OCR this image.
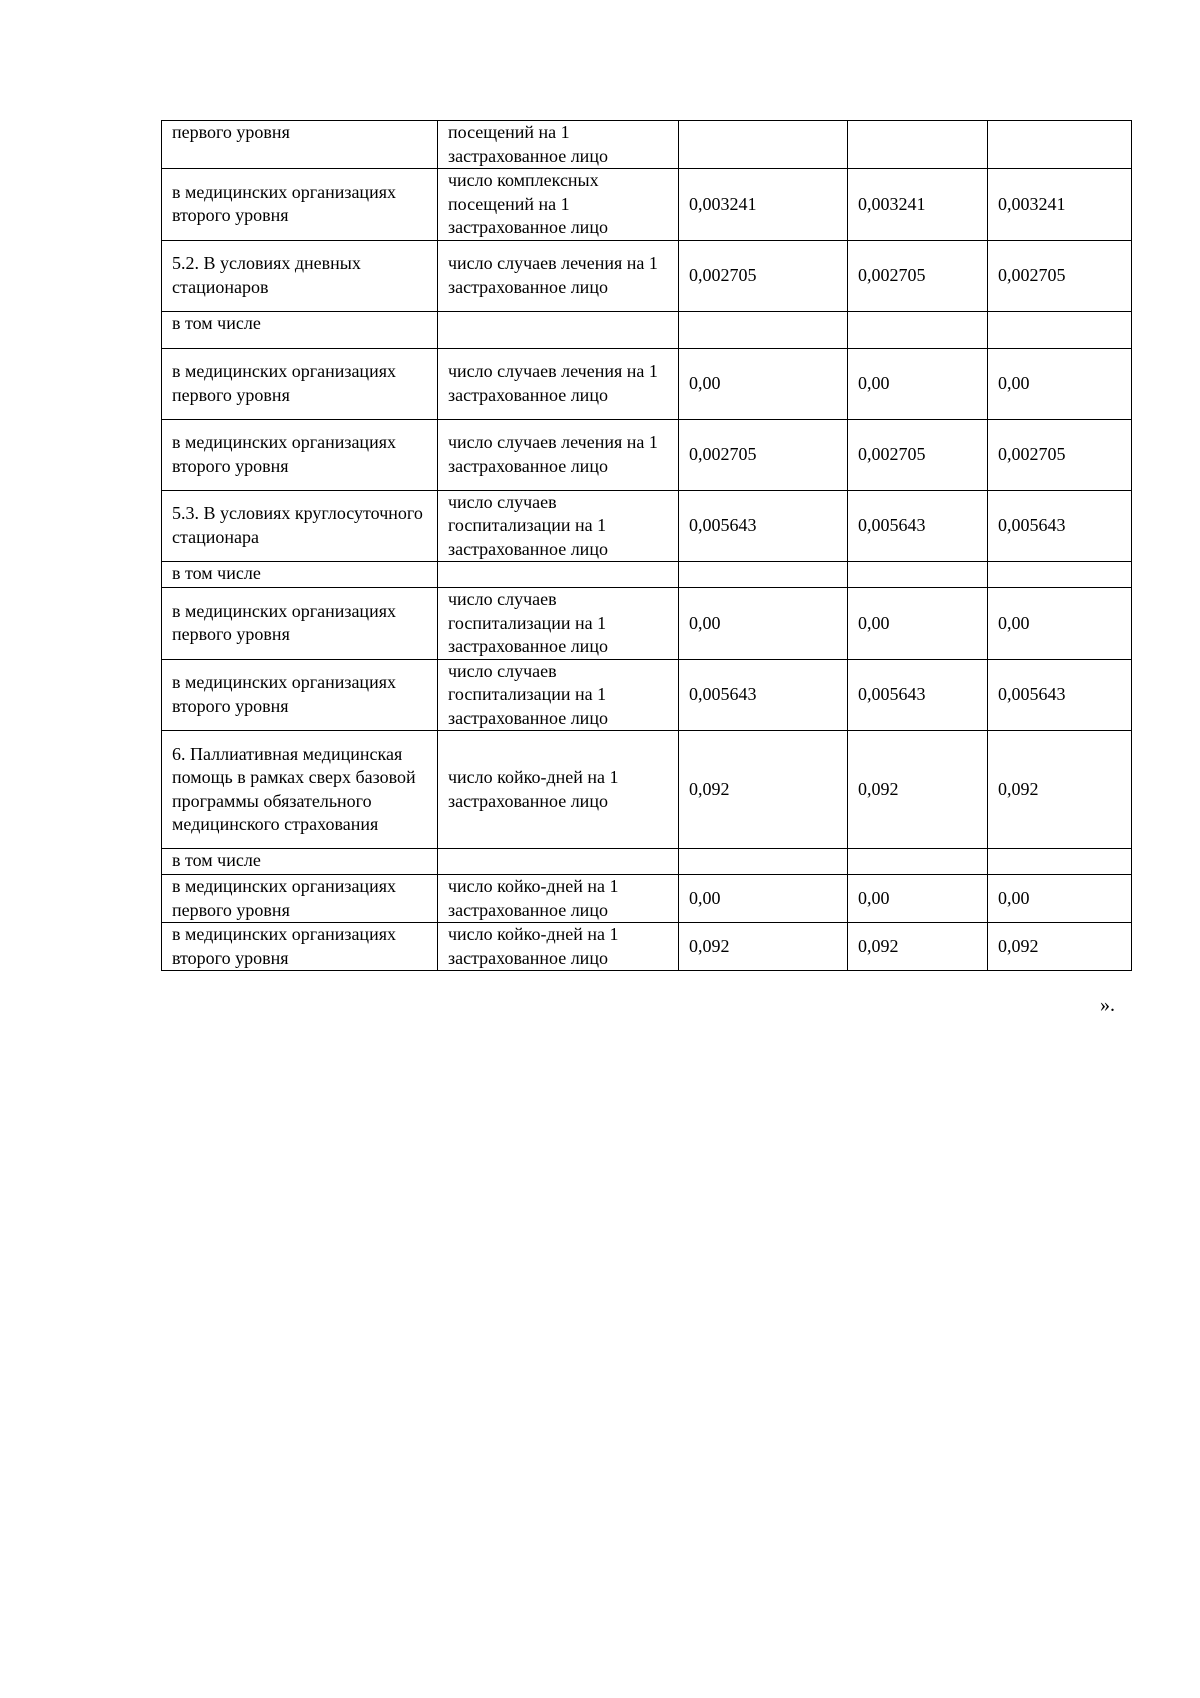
первого уровня	посещений на 1 застрахованное лицо			
в медицинских организациях второго уровня	число комплексных посещений на 1 застрахованное лицо	0,003241	0,003241	0,003241
5.2. В условиях дневных стационаров	число случаев лечения на 1 застрахованное лицо	0,002705	0,002705	0,002705
в том числе				
в медицинских организациях первого уровня	число случаев лечения на 1 застрахованное лицо	0,00	0,00	0,00
в медицинских организациях второго уровня	число случаев лечения на 1 застрахованное лицо	0,002705	0,002705	0,002705
5.3. В условиях круглосуточного стационара	число случаев госпитализации на 1 застрахованное лицо	0,005643	0,005643	0,005643
в том числе				
в медицинских организациях первого уровня	число случаев госпитализации на 1 застрахованное лицо	0,00	0,00	0,00
в медицинских организациях второго уровня	число случаев госпитализации на 1 застрахованное лицо	0,005643	0,005643	0,005643
6. Паллиативная медицинская помощь в рамках сверх базовой программы обязательного медицинского страхования	число койко-дней на 1 застрахованное лицо	0,092	0,092	0,092
в том числе				
в медицинских организациях первого уровня	число койко-дней на 1 застрахованное лицо	0,00	0,00	0,00
в медицинских организациях второго уровня	число койко-дней на 1 застрахованное лицо	0,092	0,092	0,092
».
